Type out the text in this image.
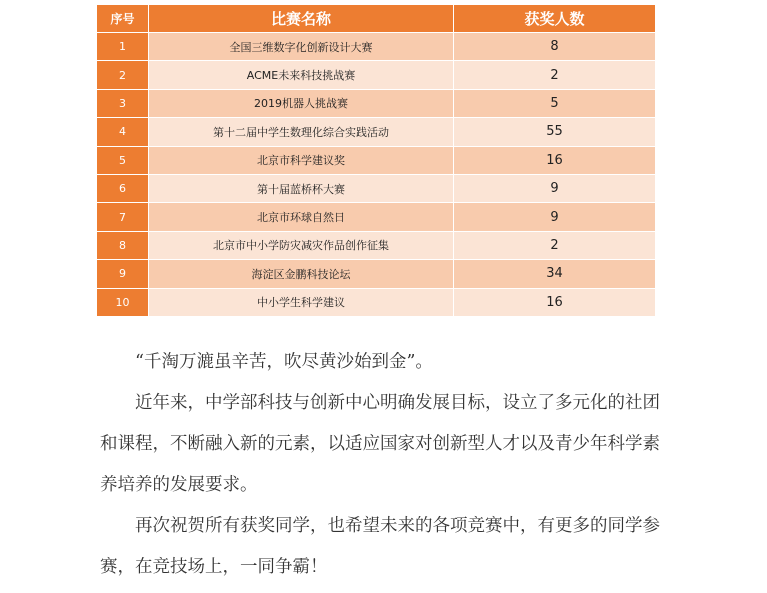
序号	比赛名称	获奖人数
1	全国三维数字化创新设计大赛	8
2	ACME未来科技挑战赛	2
3	2019机器人挑战赛	5
4	第十二届中学生数理化综合实践活动	55
5	北京市科学建议奖	16
6	第十届蓝桥杯大赛	9
7	北京市环球自然日	9
8	北京市中小学防灾减灾作品创作征集	2
9	海淀区金鹏科技论坛	34
10	中小学生科学建议	16

“千淘万漉虽辛苦，吹尽黄沙始到金”。

近年来，中学部科技与创新中心明确发展目标，设立了多元化的社团和课程，不断融入新的元素，以适应国家对创新型人才以及青少年科学素养培养的发展要求。

再次祝贺所有获奖同学，也希望未来的各项竞赛中，有更多的同学参赛，在竞技场上，一同争霸！
